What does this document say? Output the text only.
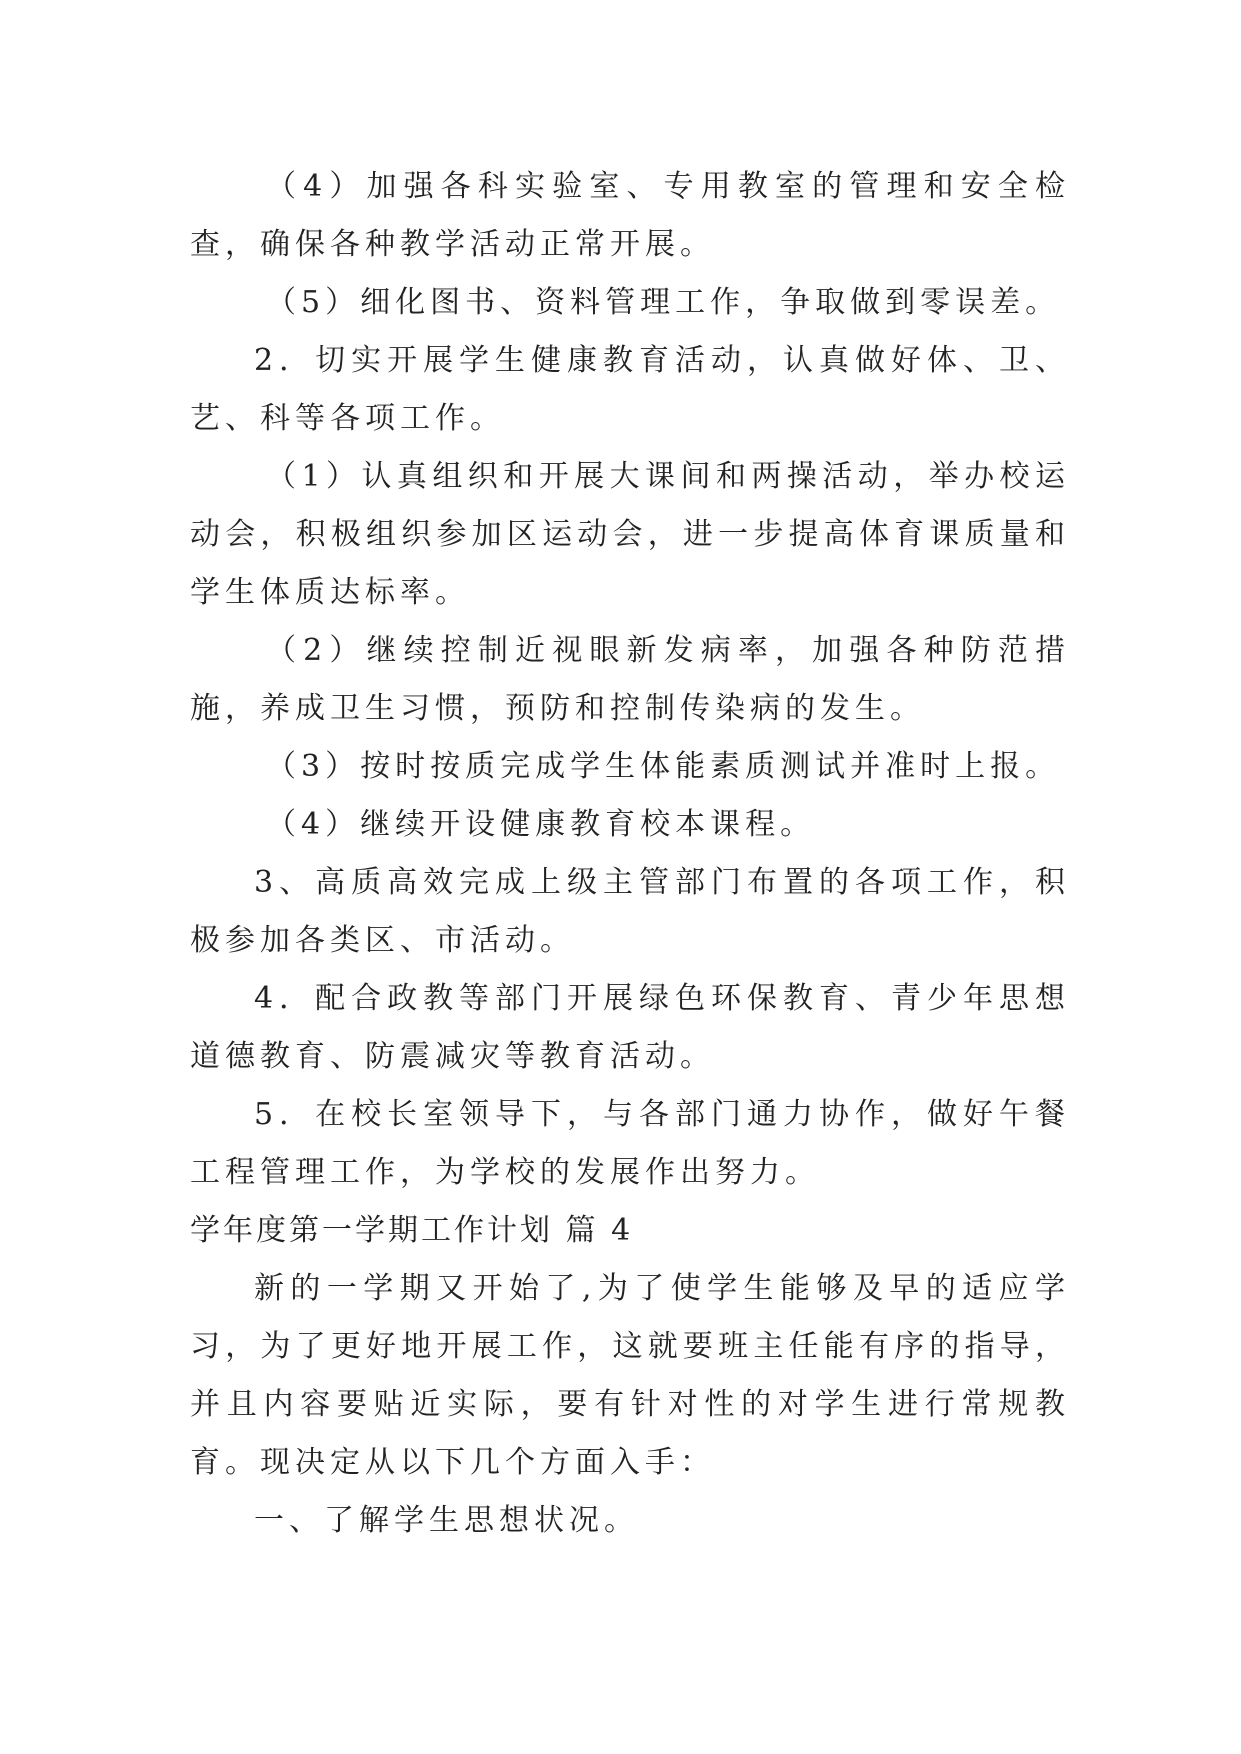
（4）加强各科实验室、专用教室的管理和安全检查，确保各种教学活动正常开展。

（5）细化图书、资料管理工作，争取做到零误差。

2．切实开展学生健康教育活动，认真做好体、卫、艺、科等各项工作。

（1）认真组织和开展大课间和两操活动，举办校运动会，积极组织参加区运动会，进一步提高体育课质量和学生体质达标率。

（2）继续控制近视眼新发病率，加强各种防范措施，养成卫生习惯，预防和控制传染病的发生。

（3）按时按质完成学生体能素质测试并准时上报。

（4）继续开设健康教育校本课程。

3、高质高效完成上级主管部门布置的各项工作，积极参加各类区、市活动。

4．配合政教等部门开展绿色环保教育、青少年思想道德教育、防震减灾等教育活动。

5．在校长室领导下，与各部门通力协作，做好午餐工程管理工作，为学校的发展作出努力。

学年度第一学期工作计划 篇 4

新的一学期又开始了,为了使学生能够及早的适应学习，为了更好地开展工作，这就要班主任能有序的指导，并且内容要贴近实际，要有针对性的对学生进行常规教育。现决定从以下几个方面入手：

一、了解学生思想状况。
